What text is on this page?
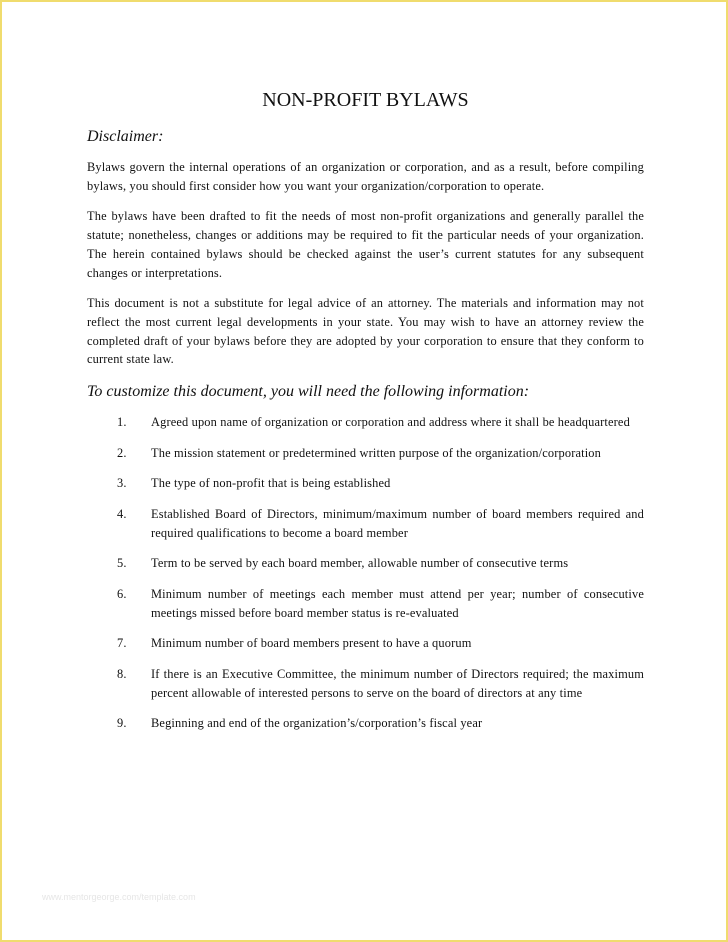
NON-PROFIT BYLAWS
Disclaimer:

Bylaws govern the internal operations of an organization or corporation, and as a result, before compiling bylaws, you should first consider how you want your organization/corporation to operate.

The bylaws have been drafted to fit the needs of most non-profit organizations and generally parallel the statute; nonetheless, changes or additions may be required to fit the particular needs of your organization. The herein contained bylaws should be checked against the user’s current statutes for any subsequent changes or interpretations.

This document is not a substitute for legal advice of an attorney. The materials and information may not reflect the most current legal developments in your state. You may wish to have an attorney review the completed draft of your bylaws before they are adopted by your corporation to ensure that they conform to current state law.

To customize this document, you will need the following information:
1.	Agreed upon name of organization or corporation and address where it shall be headquartered
2.	The mission statement or predetermined written purpose of the organization/corporation
3.	The type of non-profit that is being established
4.	Established Board of Directors, minimum/maximum number of board members required and required qualifications to become a board member
5.	Term to be served by each board member, allowable number of consecutive terms
6.	Minimum number of meetings each member must attend per year; number of consecutive meetings missed before board member status is re-evaluated
7.	Minimum number of board members present to have a quorum
8.	If there is an Executive Committee, the minimum number of Directors required; the maximum percent allowable of interested persons to serve on the board of directors at any time
9.	Beginning and end of the organization’s/corporation’s fiscal year
www.mentorgeorge.com/template.com
